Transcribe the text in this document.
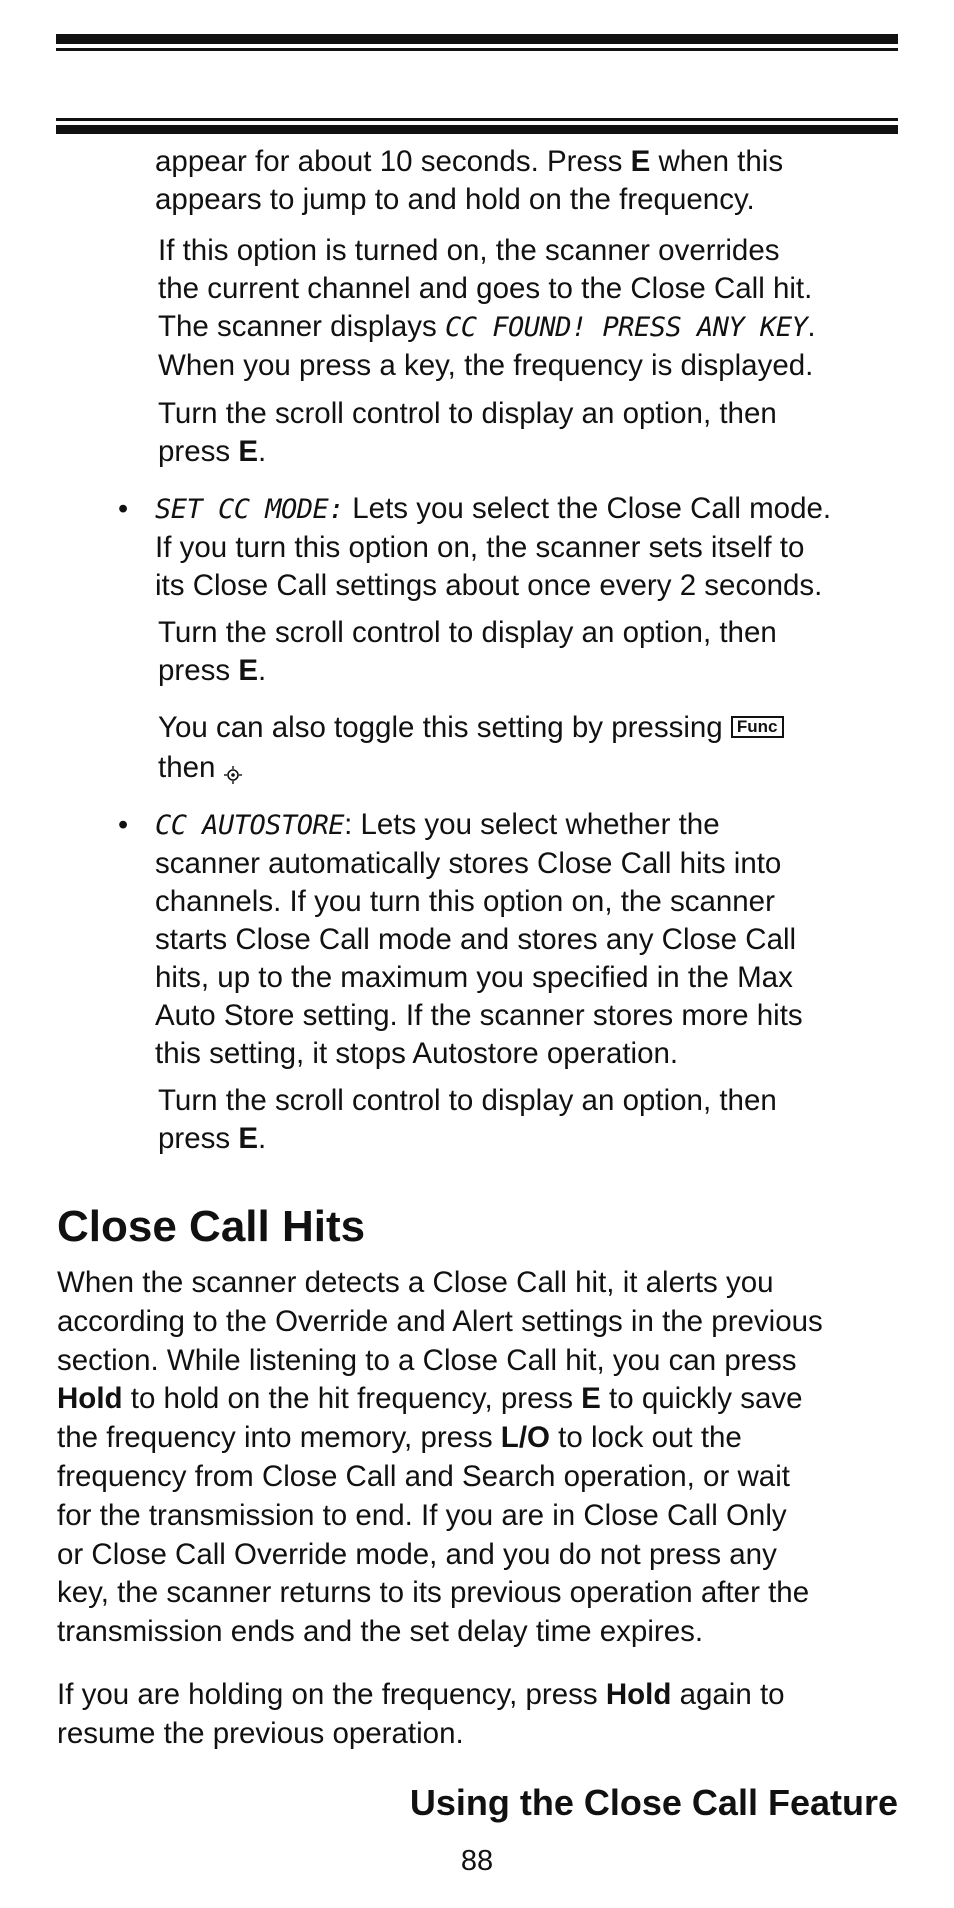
appear for about 10 seconds. Press E when this
appears to jump to and hold on the frequency.

If this option is turned on, the scanner overrides
the current channel and goes to the Close Call hit.
The scanner displays CC FOUND! PRESS ANY KEY.
When you press a key, the frequency is displayed.

Turn the scroll control to display an option, then
press E.

• SET CC MODE: Lets you select the Close Call mode.
If you turn this option on, the scanner sets itself to
its Close Call settings about once every 2 seconds.

Turn the scroll control to display an option, then
press E.

You can also toggle this setting by pressing Func
then

• CC AUTOSTORE: Lets you select whether the
scanner automatically stores Close Call hits into
channels. If you turn this option on, the scanner
starts Close Call mode and stores any Close Call
hits, up to the maximum you specified in the Max
Auto Store setting. If the scanner stores more hits
this setting, it stops Autostore operation.

Turn the scroll control to display an option, then
press E.

Close Call Hits

When the scanner detects a Close Call hit, it alerts you
according to the Override and Alert settings in the previous
section. While listening to a Close Call hit, you can press
Hold to hold on the hit frequency, press E to quickly save
the frequency into memory, press L/O to lock out the
frequency from Close Call and Search operation, or wait
for the transmission to end. If you are in Close Call Only
or Close Call Override mode, and you do not press any
key, the scanner returns to its previous operation after the
transmission ends and the set delay time expires.

If you are holding on the frequency, press Hold again to
resume the previous operation.

Using the Close Call Feature
88
